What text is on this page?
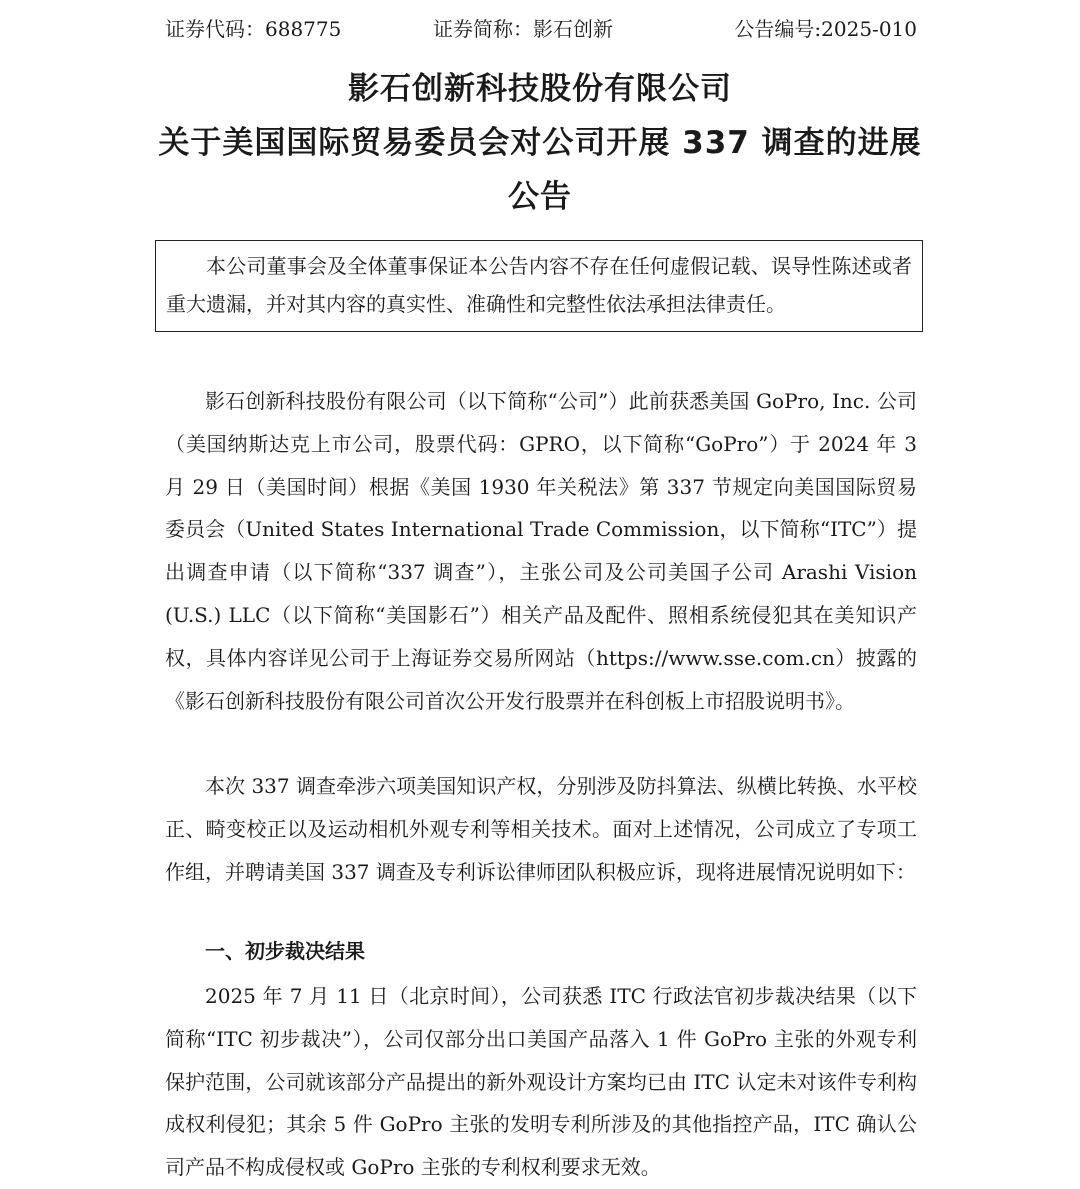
证券代码：688775	证券简称：影石创新	公告编号:2025-010
影石创新科技股份有限公司
关于美国国际贸易委员会对公司开展 337 调查的进展
公告

本公司董事会及全体董事保证本公告内容不存在任何虚假记载、误导性陈述或者重大遗漏，并对其内容的真实性、准确性和完整性依法承担法律责任。

影石创新科技股份有限公司（以下简称“公司”）此前获悉美国 GoPro, Inc. 公司（美国纳斯达克上市公司，股票代码：GPRO，以下简称“GoPro”）于 2024 年 3 月 29 日（美国时间）根据《美国 1930 年关税法》第 337 节规定向美国国际贸易委员会（United States International Trade Commission，以下简称“ITC”）提出调查申请（以下简称“337 调查”），主张公司及公司美国子公司 Arashi Vision (U.S.) LLC（以下简称“美国影石”）相关产品及配件、照相系统侵犯其在美知识产权，具体内容详见公司于上海证券交易所网站（https://www.sse.com.cn）披露的《影石创新科技股份有限公司首次公开发行股票并在科创板上市招股说明书》。

本次 337 调查牵涉六项美国知识产权，分别涉及防抖算法、纵横比转换、水平校正、畸变校正以及运动相机外观专利等相关技术。面对上述情况，公司成立了专项工作组，并聘请美国 337 调查及专利诉讼律师团队积极应诉，现将进展情况说明如下：

一、初步裁决结果

2025 年 7 月 11 日（北京时间），公司获悉 ITC 行政法官初步裁决结果（以下简称“ITC 初步裁决”），公司仅部分出口美国产品落入 1 件 GoPro 主张的外观专利保护范围，公司就该部分产品提出的新外观设计方案均已由 ITC 认定未对该件专利构成权利侵犯；其余 5 件 GoPro 主张的发明专利所涉及的其他指控产品，ITC 确认公司产品不构成侵权或 GoPro 主张的专利权利要求无效。
